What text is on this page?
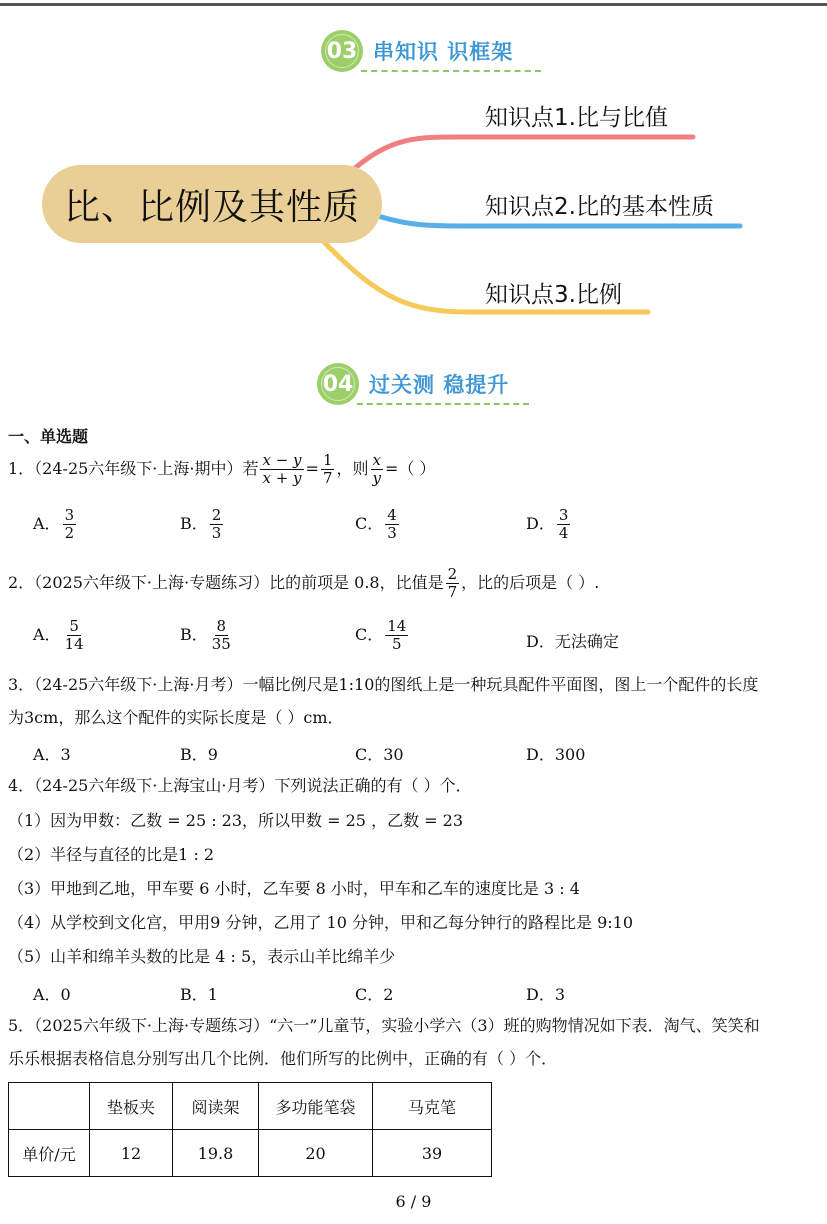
03 串知识 识框架
比、比例及其性质
知识点1.比与比值
知识点2.比的基本性质
知识点3.比例
04 过关测 稳提升
一、单选题
1．（24-25六年级下·上海·期中）若 $\frac{x - y}{x + y} = \frac{1}{7}$ ，则 $\frac{x}{y}$ =（ ）
A． $\frac{3}{2}$	B． $\frac{2}{3}$	C． $\frac{4}{3}$	D． $\frac{3}{4}$
2．（2025六年级下·上海·专题练习）比的前项是 0.8，比值是 $\frac{2}{7}$ ，比的后项是（ ）.
A． $\frac{5}{14}$	B． $\frac{8}{35}$	C． $\frac{14}{5}$	D．无法确定
3．（24-25六年级下·上海·月考）一幅比例尺是1:10的图纸上是一种玩具配件平面图，图上一个配件的长度
为3cm，那么这个配件的实际长度是（ ）cm．
A．3	B．9	C．30	D．300
4．（24-25六年级下·上海宝山·月考）下列说法正确的有（ ）个．
（1）因为甲数：乙数 = 25 : 23，所以甲数 = 25 ，乙数 = 23
（2）半径与直径的比是1 : 2
（3）甲地到乙地，甲车要 6 小时，乙车要 8 小时，甲车和乙车的速度比是 3 : 4
（4）从学校到文化宫，甲用9 分钟，乙用了 10 分钟，甲和乙每分钟行的路程比是 9:10
（5）山羊和绵羊头数的比是 4 : 5，表示山羊比绵羊少
A．0	B．1	C．2	D．3
5．（2025六年级下·上海·专题练习）“六一”儿童节，实验小学六（3）班的购物情况如下表．淘气、笑笑和
乐乐根据表格信息分别写出几个比例．他们所写的比例中，正确的有（ ）个．
	垫板夹	阅读架	多功能笔袋	马克笔
单价/元	12	19.8	20	39
6 / 9
